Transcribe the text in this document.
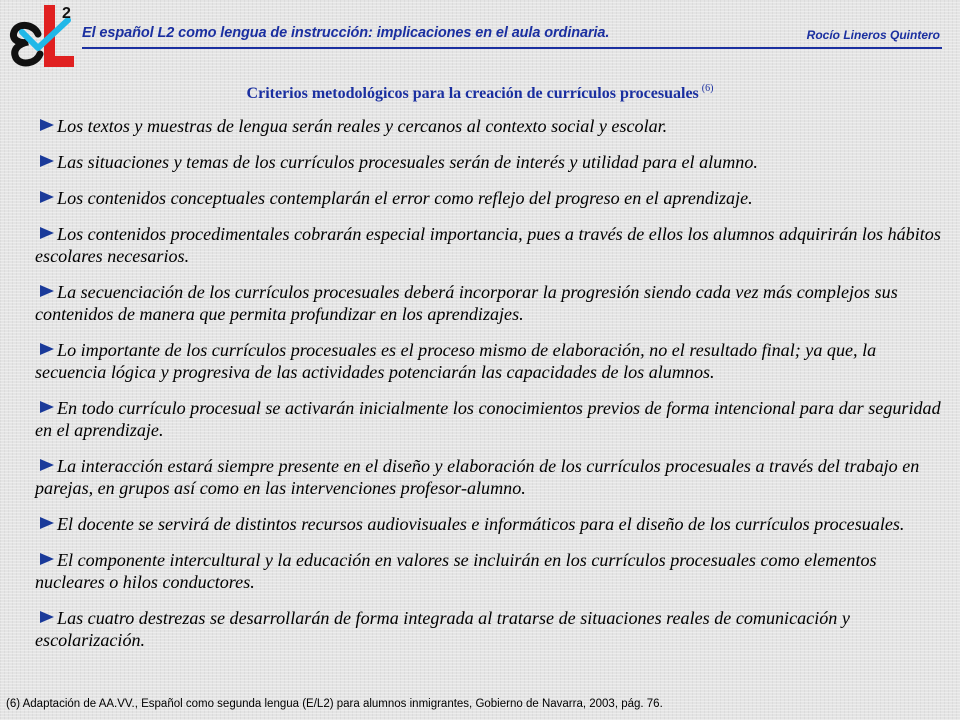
2
El español L2 como lengua de instrucción: implicaciones en el aula ordinaria.	Rocío Lineros Quintero
Criterios metodológicos para la creación de currículos procesuales $^{(6)}$
Los textos y muestras de lengua serán reales y cercanos al contexto social y escolar.
Las situaciones y temas de los currículos procesuales serán de interés y utilidad para el alumno.
Los contenidos conceptuales contemplarán el error como reflejo del progreso en el aprendizaje.
Los contenidos procedimentales cobrarán especial importancia, pues a través de ellos los alumnos adquirirán los hábitos escolares necesarios.
La secuenciación de los currículos procesuales deberá incorporar la progresión siendo cada vez más complejos sus contenidos de manera que permita profundizar en los aprendizajes.
Lo importante de los currículos procesuales es el proceso mismo de elaboración, no el resultado final; ya que, la secuencia lógica y progresiva de las actividades potenciarán las capacidades de los alumnos.
En todo currículo procesual se activarán inicialmente los conocimientos previos de forma intencional para dar seguridad en el aprendizaje.
La interacción estará siempre presente en el diseño y elaboración de los currículos procesuales a través del trabajo en parejas, en grupos así como en las intervenciones profesor-alumno.
El docente se servirá de distintos recursos audiovisuales e informáticos para el diseño de los currículos procesuales.
El componente intercultural y la educación en valores se incluirán en los currículos procesuales como elementos nucleares o hilos conductores.
Las cuatro destrezas se desarrollarán de forma integrada al tratarse de situaciones reales de comunicación y escolarización.
(6) Adaptación de AA.VV., Español como segunda lengua (E/L2) para alumnos inmigrantes, Gobierno de Navarra, 2003, pág. 76.
